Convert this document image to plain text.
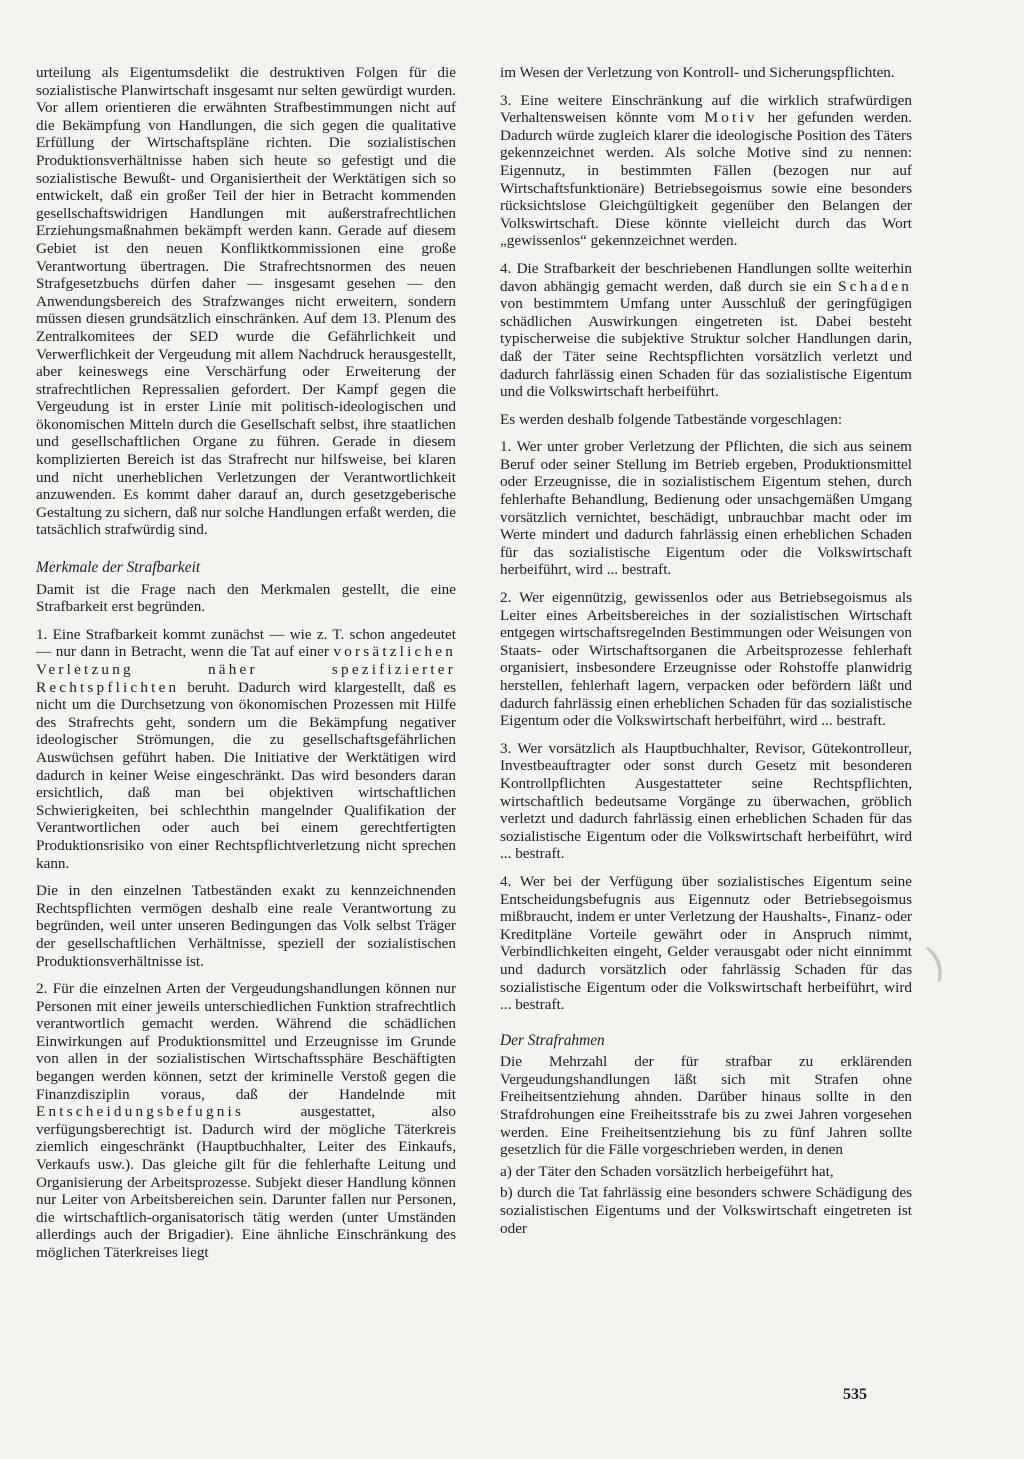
urteilung als Eigentumsdelikt die destruktiven Folgen für die sozialistische Planwirtschaft insgesamt nur selten gewürdigt wurden. Vor allem orientieren die erwähnten Strafbestimmungen nicht auf die Bekämpfung von Handlungen, die sich gegen die qualitative Erfüllung der Wirtschaftspläne richten. Die sozialistischen Produktionsverhältnisse haben sich heute so gefestigt und die sozialistische Bewußt- und Organisiertheit der Werktätigen sich so entwickelt, daß ein großer Teil der hier in Betracht kommenden gesellschaftswidrigen Handlungen mit außerstrafrechtlichen Erziehungsmaßnahmen bekämpft werden kann. Gerade auf diesem Gebiet ist den neuen Konfliktkommissionen eine große Verantwortung übertragen. Die Strafrechtsnormen des neuen Strafgesetzbuchs dürfen daher — insgesamt gesehen — den Anwendungsbereich des Strafzwanges nicht erweitern, sondern müssen diesen grundsätzlich einschränken. Auf dem 13. Plenum des Zentralkomitees der SED wurde die Gefährlichkeit und Verwerflichkeit der Vergeudung mit allem Nachdruck herausgestellt, aber keineswegs eine Verschärfung oder Erweiterung der strafrechtlichen Repressalien gefordert. Der Kampf gegen die Vergeudung ist in erster Linie mit politisch-ideologischen und ökonomischen Mitteln durch die Gesellschaft selbst, ihre staatlichen und gesellschaftlichen Organe zu führen. Gerade in diesem komplizierten Bereich ist das Strafrecht nur hilfsweise, bei klaren und nicht unerheblichen Verletzungen der Verantwortlichkeit anzuwenden. Es kommt daher darauf an, durch gesetzgeberische Gestaltung zu sichern, daß nur solche Handlungen erfaßt werden, die tatsächlich strafwürdig sind.

Merkmale der Strafbarkeit

Damit ist die Frage nach den Merkmalen gestellt, die eine Strafbarkeit erst begründen.

1. Eine Strafbarkeit kommt zunächst — wie z. T. schon angedeutet — nur dann in Betracht, wenn die Tat auf einer vorsätzlichen Verletzung näher spezifizierter Rechtspflichten beruht. Dadurch wird klargestellt, daß es nicht um die Durchsetzung von ökonomischen Prozessen mit Hilfe des Strafrechts geht, sondern um die Bekämpfung negativer ideologischer Strömungen, die zu gesellschaftsgefährlichen Auswüchsen geführt haben. Die Initiative der Werktätigen wird dadurch in keiner Weise eingeschränkt. Das wird besonders daran ersichtlich, daß man bei objektiven wirtschaftlichen Schwierigkeiten, bei schlechthin mangelnder Qualifikation der Verantwortlichen oder auch bei einem gerechtfertigten Produktionsrisiko von einer Rechtspflichtverletzung nicht sprechen kann.

Die in den einzelnen Tatbeständen exakt zu kennzeichnenden Rechtspflichten vermögen deshalb eine reale Verantwortung zu begründen, weil unter unseren Bedingungen das Volk selbst Träger der gesellschaftlichen Verhältnisse, speziell der sozialistischen Produktionsverhältnisse ist.

2. Für die einzelnen Arten der Vergeudungshandlungen können nur Personen mit einer jeweils unterschiedlichen Funktion strafrechtlich verantwortlich gemacht werden. Während die schädlichen Einwirkungen auf Produktionsmittel und Erzeugnisse im Grunde von allen in der sozialistischen Wirtschaftssphäre Beschäftigten begangen werden können, setzt der kriminelle Verstoß gegen die Finanzdisziplin voraus, daß der Handelnde mit Entscheidungsbefugnis ausgestattet, also verfügungsberechtigt ist. Dadurch wird der mögliche Täterkreis ziemlich eingeschränkt (Hauptbuchhalter, Leiter des Einkaufs, Verkaufs usw.). Das gleiche gilt für die fehlerhafte Leitung und Organisierung der Arbeitsprozesse. Subjekt dieser Handlung können nur Leiter von Arbeitsbereichen sein. Darunter fallen nur Personen, die wirtschaftlich-organisatorisch tätig werden (unter Umständen allerdings auch der Brigadier). Eine ähnliche Einschränkung des möglichen Täterkreises liegt

im Wesen der Verletzung von Kontroll- und Sicherungspflichten.

3. Eine weitere Einschränkung auf die wirklich strafwürdigen Verhaltensweisen könnte vom Motiv her gefunden werden. Dadurch würde zugleich klarer die ideologische Position des Täters gekennzeichnet werden. Als solche Motive sind zu nennen: Eigennutz, in bestimmten Fällen (bezogen nur auf Wirtschaftsfunktionäre) Betriebsegoismus sowie eine besonders rücksichtslose Gleichgültigkeit gegenüber den Belangen der Volkswirtschaft. Diese könnte vielleicht durch das Wort „gewissenlos“ gekennzeichnet werden.

4. Die Strafbarkeit der beschriebenen Handlungen sollte weiterhin davon abhängig gemacht werden, daß durch sie ein Schaden von bestimmtem Umfang unter Ausschluß der geringfügigen schädlichen Auswirkungen eingetreten ist. Dabei besteht typischerweise die subjektive Struktur solcher Handlungen darin, daß der Täter seine Rechtspflichten vorsätzlich verletzt und dadurch fahrlässig einen Schaden für das sozialistische Eigentum und die Volkswirtschaft herbeiführt.

Es werden deshalb folgende Tatbestände vorgeschlagen:

1. Wer unter grober Verletzung der Pflichten, die sich aus seinem Beruf oder seiner Stellung im Betrieb ergeben, Produktionsmittel oder Erzeugnisse, die in sozialistischem Eigentum stehen, durch fehlerhafte Behandlung, Bedienung oder unsachgemäßen Umgang vorsätzlich vernichtet, beschädigt, unbrauchbar macht oder im Werte mindert und dadurch fahrlässig einen erheblichen Schaden für das sozialistische Eigentum oder die Volkswirtschaft herbeiführt, wird ... bestraft.

2. Wer eigennützig, gewissenlos oder aus Betriebsegoismus als Leiter eines Arbeitsbereiches in der sozialistischen Wirtschaft entgegen wirtschaftsregelnden Bestimmungen oder Weisungen von Staats- oder Wirtschaftsorganen die Arbeitsprozesse fehlerhaft organisiert, insbesondere Erzeugnisse oder Rohstoffe planwidrig herstellen, fehlerhaft lagern, verpacken oder befördern läßt und dadurch fahrlässig einen erheblichen Schaden für das sozialistische Eigentum oder die Volkswirtschaft herbeiführt, wird ... bestraft.

3. Wer vorsätzlich als Hauptbuchhalter, Revisor, Gütekontrolleur, Investbeauftragter oder sonst durch Gesetz mit besonderen Kontrollpflichten Ausgestatteter seine Rechtspflichten, wirtschaftlich bedeutsame Vorgänge zu überwachen, gröblich verletzt und dadurch fahrlässig einen erheblichen Schaden für das sozialistische Eigentum oder die Volkswirtschaft herbeiführt, wird ... bestraft.

4. Wer bei der Verfügung über sozialistisches Eigentum seine Entscheidungsbefugnis aus Eigennutz oder Betriebsegoismus mißbraucht, indem er unter Verletzung der Haushalts-, Finanz- oder Kreditpläne Vorteile gewährt oder in Anspruch nimmt, Verbindlichkeiten eingeht, Gelder verausgabt oder nicht einnimmt und dadurch vorsätzlich oder fahrlässig Schaden für das sozialistische Eigentum oder die Volkswirtschaft herbeiführt, wird ... bestraft.

Der Strafrahmen

Die Mehrzahl der für strafbar zu erklärenden Vergeudungshandlungen läßt sich mit Strafen ohne Freiheitsentziehung ahnden. Darüber hinaus sollte in den Strafdrohungen eine Freiheitsstrafe bis zu zwei Jahren vorgesehen werden. Eine Freiheitsentziehung bis zu fünf Jahren sollte gesetzlich für die Fälle vorgeschrieben werden, in denen

a) der Täter den Schaden vorsätzlich herbeigeführt hat,

b) durch die Tat fahrlässig eine besonders schwere Schädigung des sozialistischen Eigentums und der Volkswirtschaft eingetreten ist oder

)
535
